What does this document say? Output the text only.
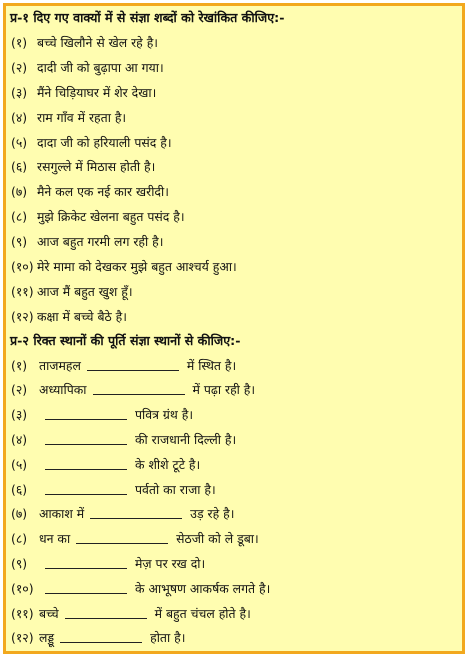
प्र-१ दिए गए वाक्यों में से संज्ञा शब्दों को रेखांकित कीजिए:-
(१) बच्चे खिलौने से खेल रहे है।
(२) दादी जी को बुढ़ापा आ गया।
(३) मैंने चिड़ियाघर में शेर देखा।
(४) राम गाँव में रहता है।
(५) दादा जी को हरियाली पसंद है।
(६) रसगुल्ले में मिठास होती है।
(७) मैने कल एक नई कार खरीदी।
(८) मुझे क्रिकेट खेलना बहुत पसंद है।
(९) आज बहुत गरमी लग रही है।
(१०) मेरे मामा को देखकर मुझे बहुत आश्चर्य हुआ।
(११) आज मैं बहुत खुश हूँ।
(१२) कक्षा में बच्चे बैठे है।
प्र-२ रिक्त स्थानों की पूर्ति संज्ञा स्थानों से कीजिए:-
(१) ताजमहल	में स्थित है।
(२) अध्यापिका	में पढ़ा रही है।
(३)	पवित्र ग्रंथ है।
(४)	की राजधानी दिल्ली है।
(५)	के शीशे टूटे है।
(६)	पर्वतो का राजा है।
(७) आकाश में	उड़ रहे है।
(८) धन का	सेठजी को ले डूबा।
(९)	मेज़ पर रख दो।
(१०)	के आभूषण आकर्षक लगते है।
(११) बच्चे	में बहुत चंचल होते है।
(१२) लड्डू	होता है।
